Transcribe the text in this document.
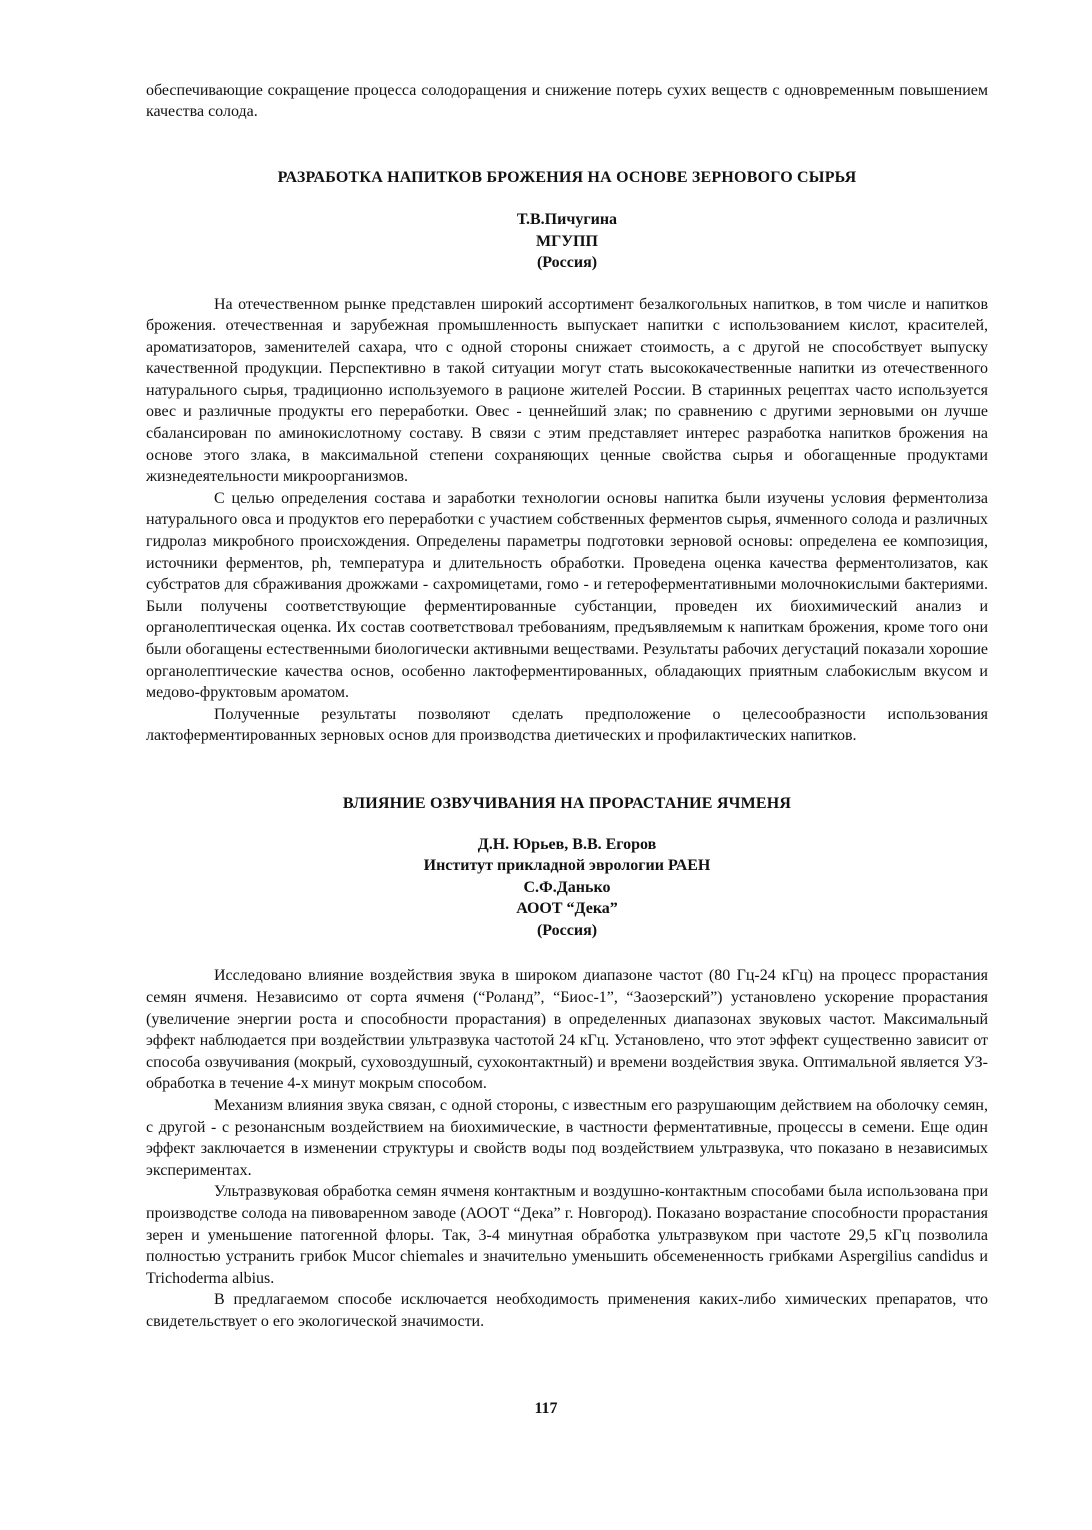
обеспечивающие сокращение процесса солодоращения и снижение потерь сухих веществ с одновременным повышением качества солода.

РАЗРАБОТКА НАПИТКОВ БРОЖЕНИЯ НА ОСНОВЕ ЗЕРНОВОГО СЫРЬЯ
Т.В.Пичугина
МГУПП
(Россия)

На отечественном рынке представлен широкий ассортимент безалкогольных напитков, в том числе и напитков брожения. отечественная и зарубежная промышленность выпускает напитки с использованием кислот, красителей, ароматизаторов, заменителей сахара, что с одной стороны снижает стоимость, а с другой не способствует выпуску качественной продукции. Перспективно в такой ситуации могут стать высококачественные напитки из отечественного натурального сырья, традиционно используемого в рационе жителей России. В старинных рецептах часто используется овес и различные продукты его переработки. Овес - ценнейший злак; по сравнению с другими зерновыми он лучше сбалансирован по аминокислотному составу. В связи с этим представляет интерес разработка напитков брожения на основе этого злака, в максимальной степени сохраняющих ценные свойства сырья и обогащенные продуктами жизнедеятельности микроорганизмов.

С целью определения состава и заработки технологии основы напитка были изучены условия ферментолиза натурального овса и продуктов его переработки с участием собственных ферментов сырья, ячменного солода и различных гидролаз микробного происхождения. Определены параметры подготовки зерновой основы: определена ее композиция, источники ферментов, ph, температура и длительность обработки. Проведена оценка качества ферментолизатов, как субстратов для сбраживания дрожжами - сахромицетами, гомо - и гетероферментативными молочнокислыми бактериями. Были получены соответствующие ферментированные субстанции, проведен их биохимический анализ и органолептическая оценка. Их состав соответствовал требованиям, предъявляемым к напиткам брожения, кроме того они были обогащены естественными биологически активными веществами. Результаты рабочих дегустаций показали хорошие органолептические качества основ, особенно лактоферментированных, обладающих приятным слабокислым вкусом и медово-фруктовым ароматом.

Полученные результаты позволяют сделать предположение о целесообразности использования лактоферментированных зерновых основ для производства диетических и профилактических напитков.

ВЛИЯНИЕ ОЗВУЧИВАНИЯ НА ПРОРАСТАНИЕ ЯЧМЕНЯ
Д.Н. Юрьев, В.В. Егоров
Институт прикладной эврологии РАЕН
С.Ф.Данько
АООТ “Дека”
(Россия)

Исследовано влияние воздействия звука в широком диапазоне частот (80 Гц-24 кГц) на процесс прорастания семян ячменя. Независимо от сорта ячменя (“Роланд”, “Биос-1”, “Заозерский”) установлено ускорение прорастания (увеличение энергии роста и способности прорастания) в определенных диапазонах звуковых частот. Максимальный эффект наблюдается при воздействии ультразвука частотой 24 кГц. Установлено, что этот эффект существенно зависит от способа озвучивания (мокрый, суховоздушный, сухоконтактный) и времени воздействия звука. Оптимальной является УЗ-обработка в течение 4-х минут мокрым способом.

Механизм влияния звука связан, с одной стороны, с известным его разрушающим действием на оболочку семян, с другой - с резонансным воздействием на биохимические, в частности ферментативные, процессы в семени. Еще один эффект заключается в изменении структуры и свойств воды под воздействием ультразвука, что показано в независимых экспериментах.

Ультразвуковая обработка семян ячменя контактным и воздушно-контактным способами была использована при производстве солода на пивоваренном заводе (АООТ “Дека” г. Новгород). Показано возрастание способности прорастания зерен и уменьшение патогенной флоры. Так, 3-4 минутная обработка ультразвуком при частоте 29,5 кГц позволила полностью устранить грибок Mucor chiemales и значительно уменьшить обсемененность грибками Aspergilius candidus и Trichoderma albius.

В предлагаемом способе исключается необходимость применения каких-либо химических препаратов, что свидетельствует о его экологической значимости.

117
